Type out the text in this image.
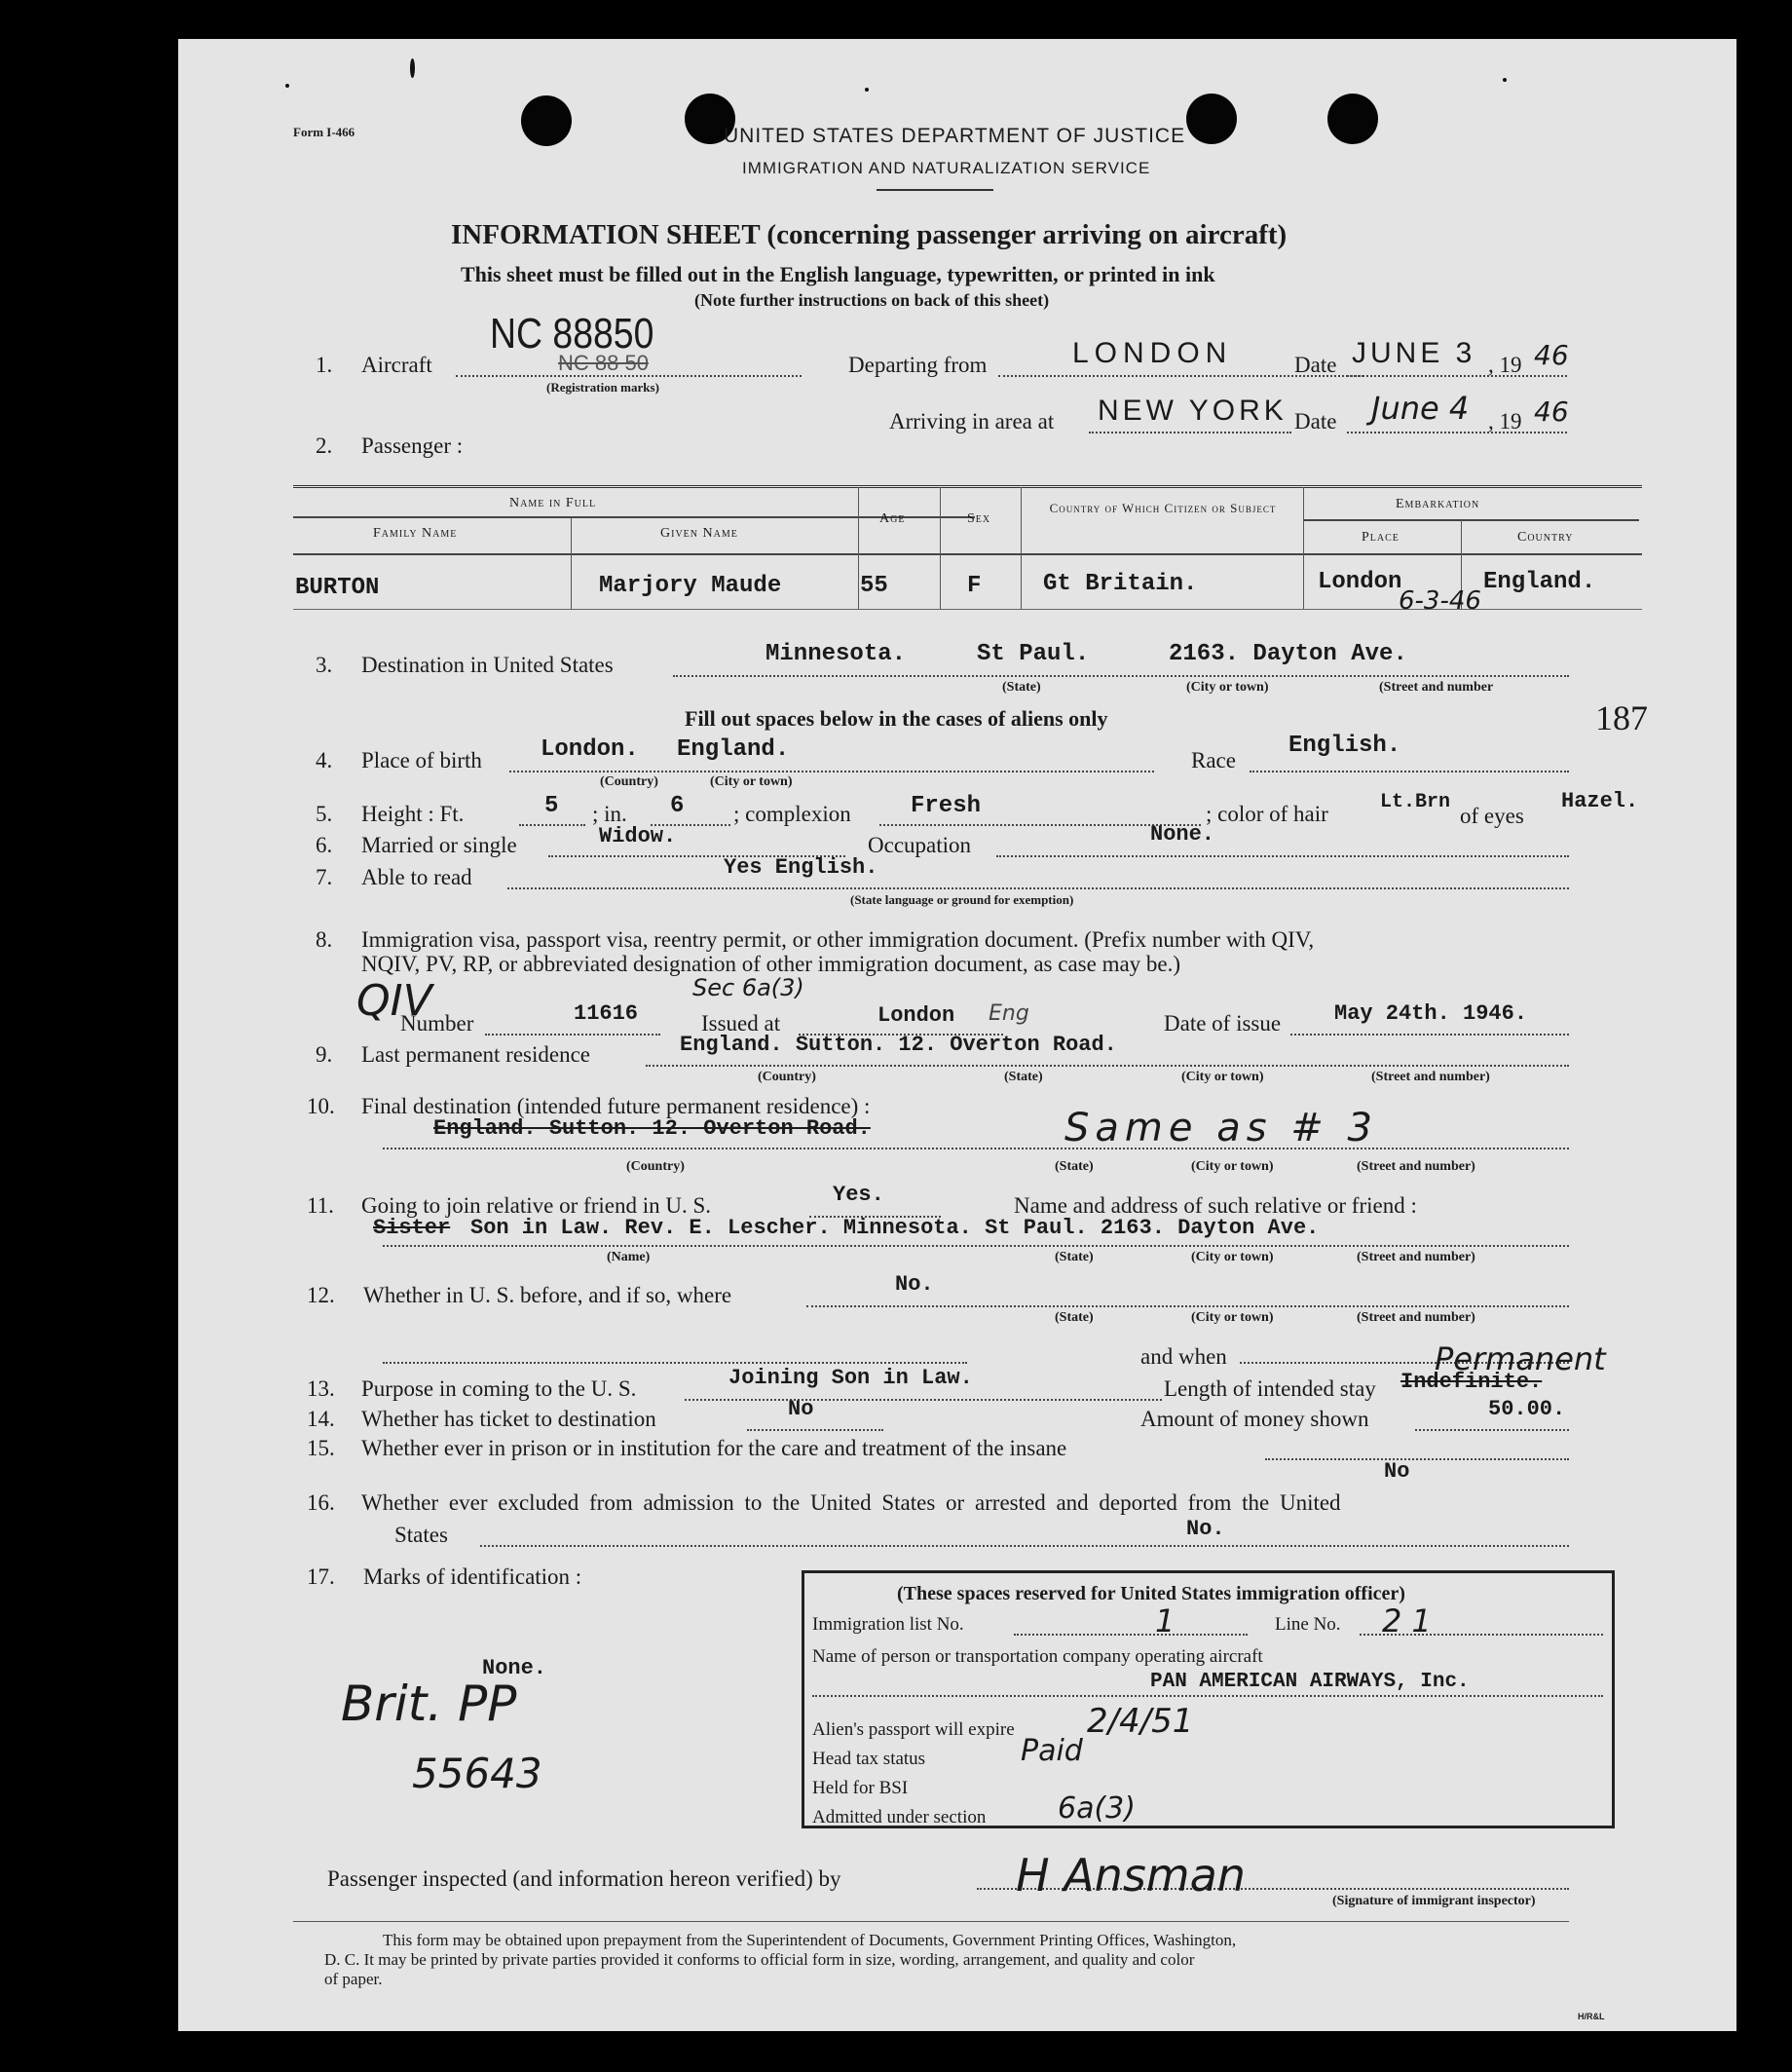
Form I-466	UNITED STATES DEPARTMENT OF JUSTICE
IMMIGRATION AND NATURALIZATION SERVICE
INFORMATION SHEET (concerning passenger arriving on aircraft)
This sheet must be filled out in the English language, typewritten, or printed in ink
(Note further instructions on back of this sheet)
1. Aircraft
NC 88850
NC 88 50
(Registration marks)
Departing from	LONDON	Date JUNE 3 , 19 46
Arriving in area at NEW YORK Date June 4 , 19 46
2. Passenger :
Name in Full
Family Name	Given Name
Age	Sex
Country of Which Citizen or Subject	Embarkation
Place	Country
BURTON	Marjory Maude	55	F	Gt Britain.	London	England.
6-3-46
3. Destination in United States	Minnesota.	St Paul.	2163. Dayton Ave.
(State)	(City or town)	(Street and number
Fill out spaces below in the cases of aliens only	187
4. Place of birth	London. England.
(Country)	(City or town)
Race
English.
5. Height : Ft.	5 ; in. 6 ; complexion	Fresh	; color of hair	Lt.Brn
of eyes
Hazel.
6. Married or single	Widow.	Occupation	None.
7. Able to read	Yes English.
(State language or ground for exemption)
8. Immigration visa, passport visa, reentry permit, or other immigration document. (Prefix number with QIV,
NQIV, PV, RP, or abbreviated designation of other immigration document, as case may be.)
QIV
Number	11616
Sec 6a(3)
Issued at	London Eng	Date of issue May 24th. 1946.
9. Last permanent residence	England. Sutton. 12. Overton Road.
(Country)	(State)	(City or town)	(Street and number)
10. Final destination (intended future permanent residence) :
England. Sutton. 12. Overton Road.	Same as # 3
(Country)	(State)	(City or town)	(Street and number)
11. Going to join relative or friend in U. S.	Yes.	Name and address of such relative or friend :
Sister Son in Law. Rev. E. Lescher. Minnesota. St Paul. 2163. Dayton Ave.
(Name)	(State)	(City or town)	(Street and number)
12. Whether in U. S. before, and if so, where	No.
(State)	(City or town)	(Street and number)
and when
13. Purpose in coming to the U. S.	Joining Son in Law.	Length of intended stay Indefinite.
Permanent
14. Whether has ticket to destination	No	Amount of money shown	50.00.
15. Whether ever in prison or in institution for the care and treatment of the insane
No
16. Whether ever excluded from admission to the United States or arrested and deported from the United
States	No.
17. Marks of identification :
None.
Brit. PP
55643
(These spaces reserved for United States immigration officer)
Immigration list No.	1	Line No. 21
Name of person or transportation company operating aircraft
PAN AMERICAN AIRWAYS, Inc.
Alien's passport will expire 2/4/51
Head tax status	Paid
Held for BSI
Admitted under section 6a(3)
Passenger inspected (and information hereon verified) by	H Ansman	(Signature of immigrant inspector)
This form may be obtained upon prepayment from the Superintendent of Documents, Government Printing Offices, Washington,
D. C. It may be printed by private parties provided it conforms to official form in size, wording, arrangement, and quality and color
of paper.
H/R&L
